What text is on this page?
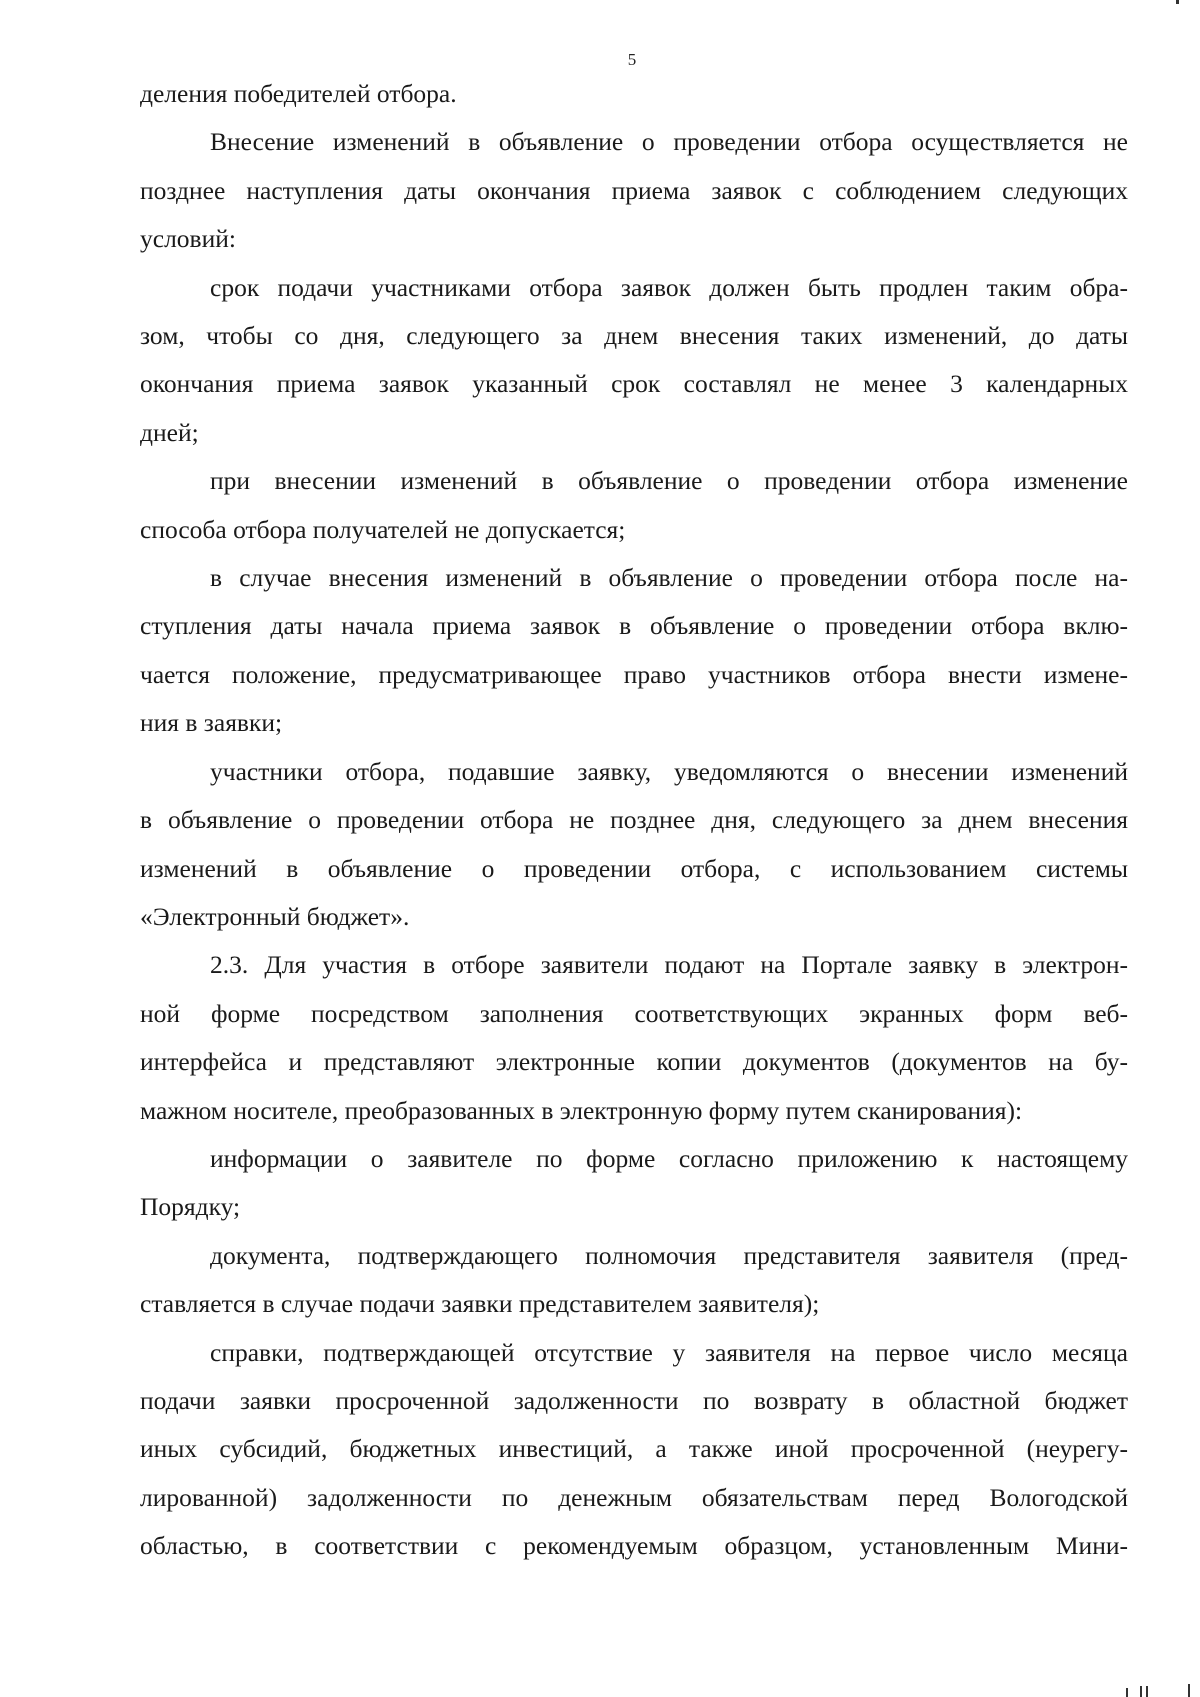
5
деления победителей отбора.
Внесение изменений в объявление о проведении отбора осуществляется не
позднее наступления даты окончания приема заявок с соблюдением следующих
условий:
срок подачи участниками отбора заявок должен быть продлен таким обра-
зом, чтобы со дня, следующего за днем внесения таких изменений, до даты
окончания приема заявок указанный срок составлял не менее 3 календарных
дней;
при внесении изменений в объявление о проведении отбора изменение
способа отбора получателей не допускается;
в случае внесения изменений в объявление о проведении отбора после на-
ступления даты начала приема заявок в объявление о проведении отбора вклю-
чается положение, предусматривающее право участников отбора внести измене-
ния в заявки;
участники отбора, подавшие заявку, уведомляются о внесении изменений
в объявление о проведении отбора не позднее дня, следующего за днем внесения
изменений в объявление о проведении отбора, с использованием системы
«Электронный бюджет».
2.3. Для участия в отборе заявители подают на Портале заявку в электрон-
ной форме посредством заполнения соответствующих экранных форм веб-
интерфейса и представляют электронные копии документов (документов на бу-
мажном носителе, преобразованных в электронную форму путем сканирования):
информации о заявителе по форме согласно приложению к настоящему
Порядку;
документа, подтверждающего полномочия представителя заявителя (пред-
ставляется в случае подачи заявки представителем заявителя);
справки, подтверждающей отсутствие у заявителя на первое число месяца
подачи заявки просроченной задолженности по возврату в областной бюджет
иных субсидий, бюджетных инвестиций, а также иной просроченной (неурегу-
лированной) задолженности по денежным обязательствам перед Вологодской
областью, в соответствии с рекомендуемым образцом, установленным Мини-
